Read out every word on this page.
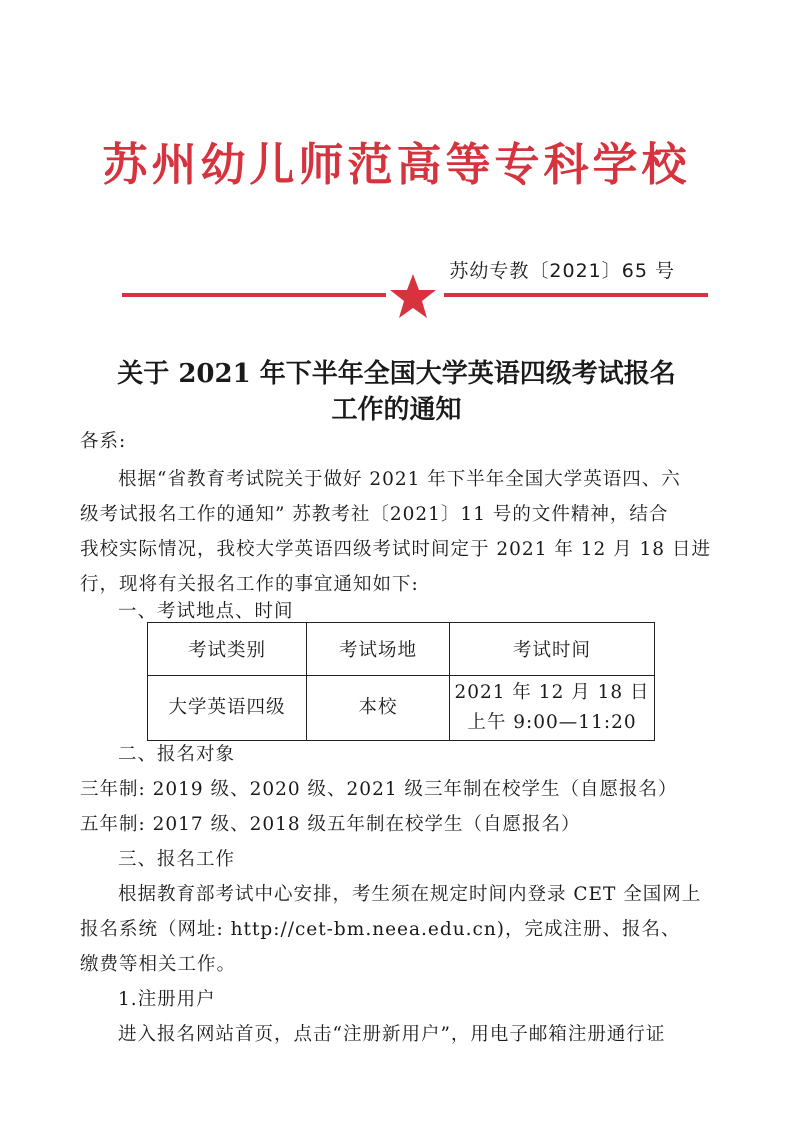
苏州幼儿师范高等专科学校
苏幼专教〔2021〕65 号
关于 2021 年下半年全国大学英语四级考试报名
工作的通知
各系:
根据“省教育考试院关于做好 2021 年下半年全国大学英语四、六
级考试报名工作的通知” 苏教考社〔2021〕11 号的文件精神，结合
我校实际情况，我校大学英语四级考试时间定于 2021 年 12 月 18 日进
行，现将有关报名工作的事宜通知如下:
一、考试地点、时间
考试类别	考试场地	考试时间
大学英语四级	本校	2021 年 12 月 18 日
上午 9:00—11:20
二、报名对象
三年制: 2019 级、2020 级、2021 级三年制在校学生（自愿报名）
五年制: 2017 级、2018 级五年制在校学生（自愿报名）
三、报名工作
根据教育部考试中心安排，考生须在规定时间内登录 CET 全国网上
报名系统（网址: http://cet-bm.neea.edu.cn)，完成注册、报名、
缴费等相关工作。
1.注册用户
进入报名网站首页，点击“注册新用户”，用电子邮箱注册通行证
